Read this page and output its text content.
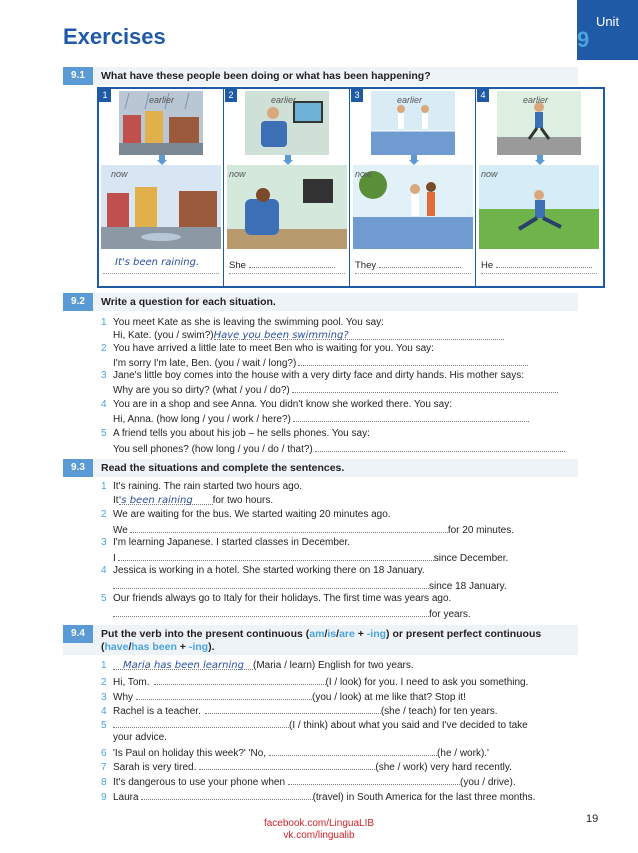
Exercises
Unit
9
9.1	What have these people been doing or what has been happening?
1	earlier
now
It's been raining.
2	earlier
now
She
3	earlier
now
They
4	earlier
now
He
9.2	Write a question for each situation.
1 You meet Kate as she is leaving the swimming pool. You say:
Hi, Kate. (you / swim?)Have you been swimming?
2 You have arrived a little late to meet Ben who is waiting for you. You say:
I'm sorry I'm late, Ben. (you / wait / long?)
3 Jane's little boy comes into the house with a very dirty face and dirty hands. His mother says:
Why are you so dirty? (what / you / do?)
4 You are in a shop and see Anna. You didn't know she worked there. You say:
Hi, Anna. (how long / you / work / here?)
5 A friend tells you about his job – he sells phones. You say:
You sell phones? (how long / you / do / that?)
9.3	Read the situations and complete the sentences.
1 It's raining. The rain started two hours ago.
It's been raining for two hours.
2 We are waiting for the bus. We started waiting 20 minutes ago.
We	for 20 minutes.
3 I'm learning Japanese. I started classes in December.
I	since December.
4 Jessica is working in a hotel. She started working there on 18 January.
since 18 January.
5 Our friends always go to Italy for their holidays. The first time was years ago.
for years.
9.4	Put the verb into the present continuous (am/is/are + -ing) or present perfect continuous (have/has been + -ing).
1 Maria has been learning (Maria / learn) English for two years.
2 Hi, Tom.	(I / look) for you. I need to ask you something.
3 Why	(you / look) at me like that? Stop it!
4 Rachel is a teacher.	(she / teach) for ten years.
5	(I / think) about what you said and I've decided to take
your advice.
6 'Is Paul on holiday this week?' 'No,	(he / work).'
7 Sarah is very tired.	(she / work) very hard recently.
8 It's dangerous to use your phone when	(you / drive).
9 Laura	(travel) in South America for the last three months.
facebook.com/LinguaLIB
vk.com/lingualib
19
